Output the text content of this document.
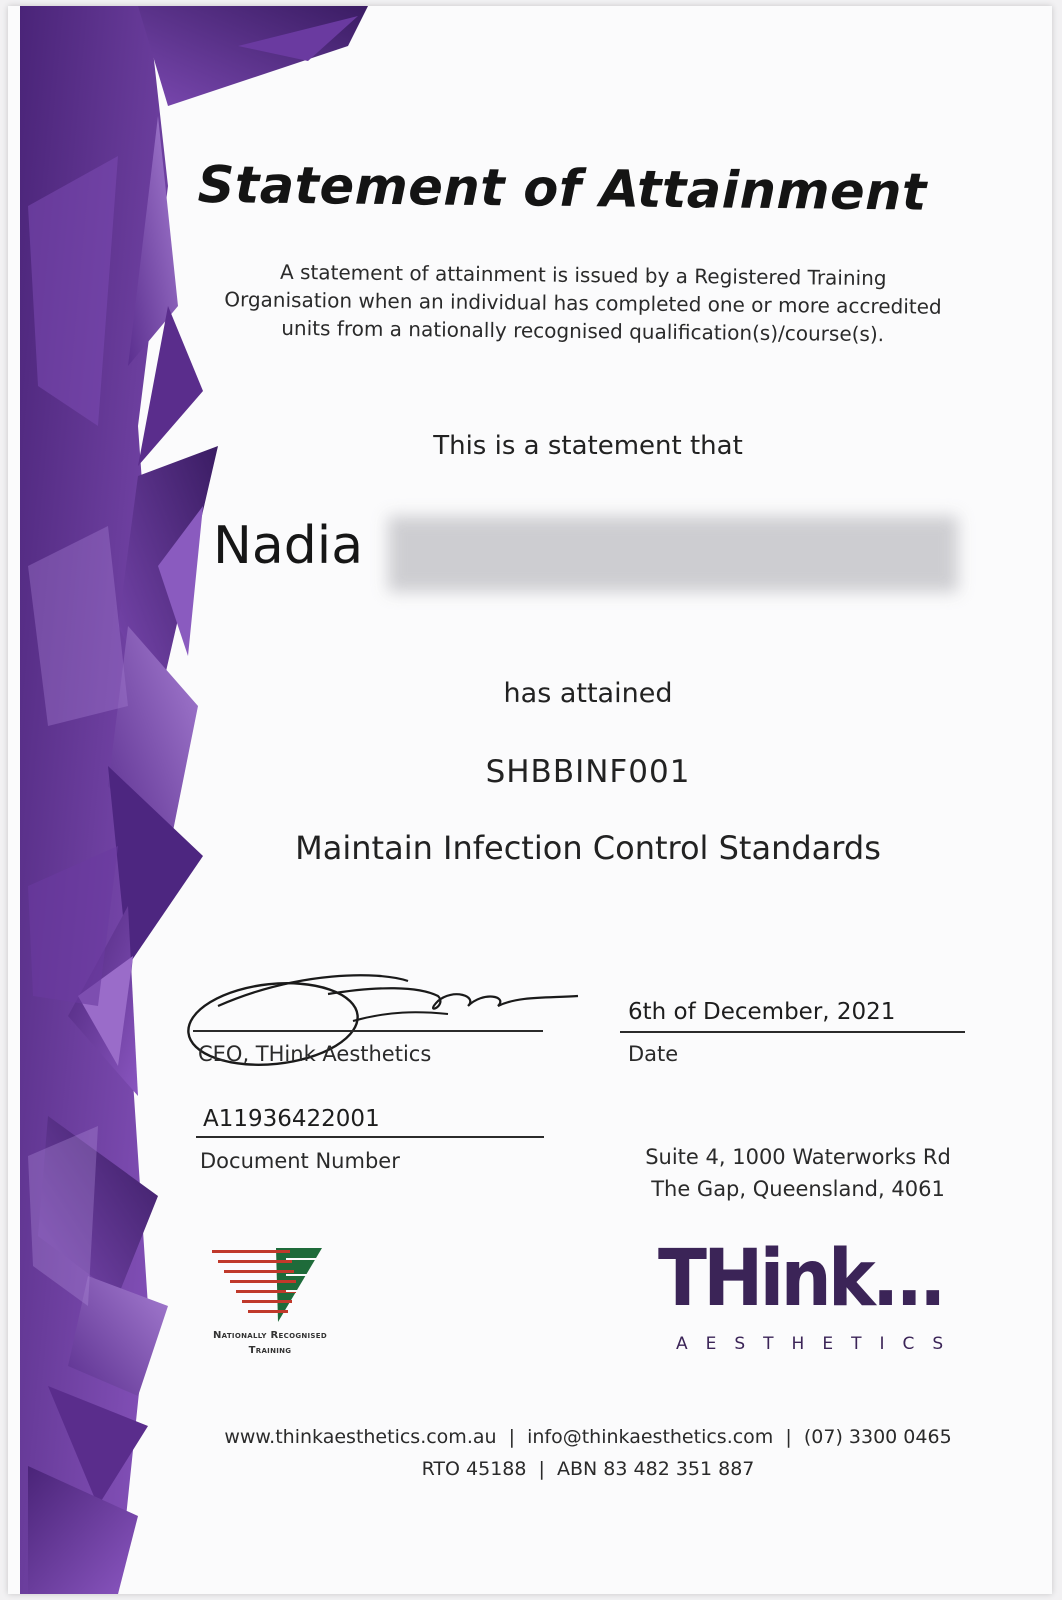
Statement of Attainment
A statement of attainment is issued by a Registered Training
Organisation when an individual has completed one or more accredited
units from a nationally recognised qualification(s)/course(s).
This is a statement that
Nadia
has attained
SHBBINF001
Maintain Infection Control Standards
CEO, THink Aesthetics
6th of December, 2021
Date
A11936422001
Document Number	Suite 4, 1000 Waterworks Rd
The Gap, Queensland, 4061
Nationally Recognised
Training
THink...
AESTHETICS
www.thinkaesthetics.com.au  |  info@thinkaesthetics.com  |  (07) 3300 0465
RTO 45188  |  ABN 83 482 351 887
